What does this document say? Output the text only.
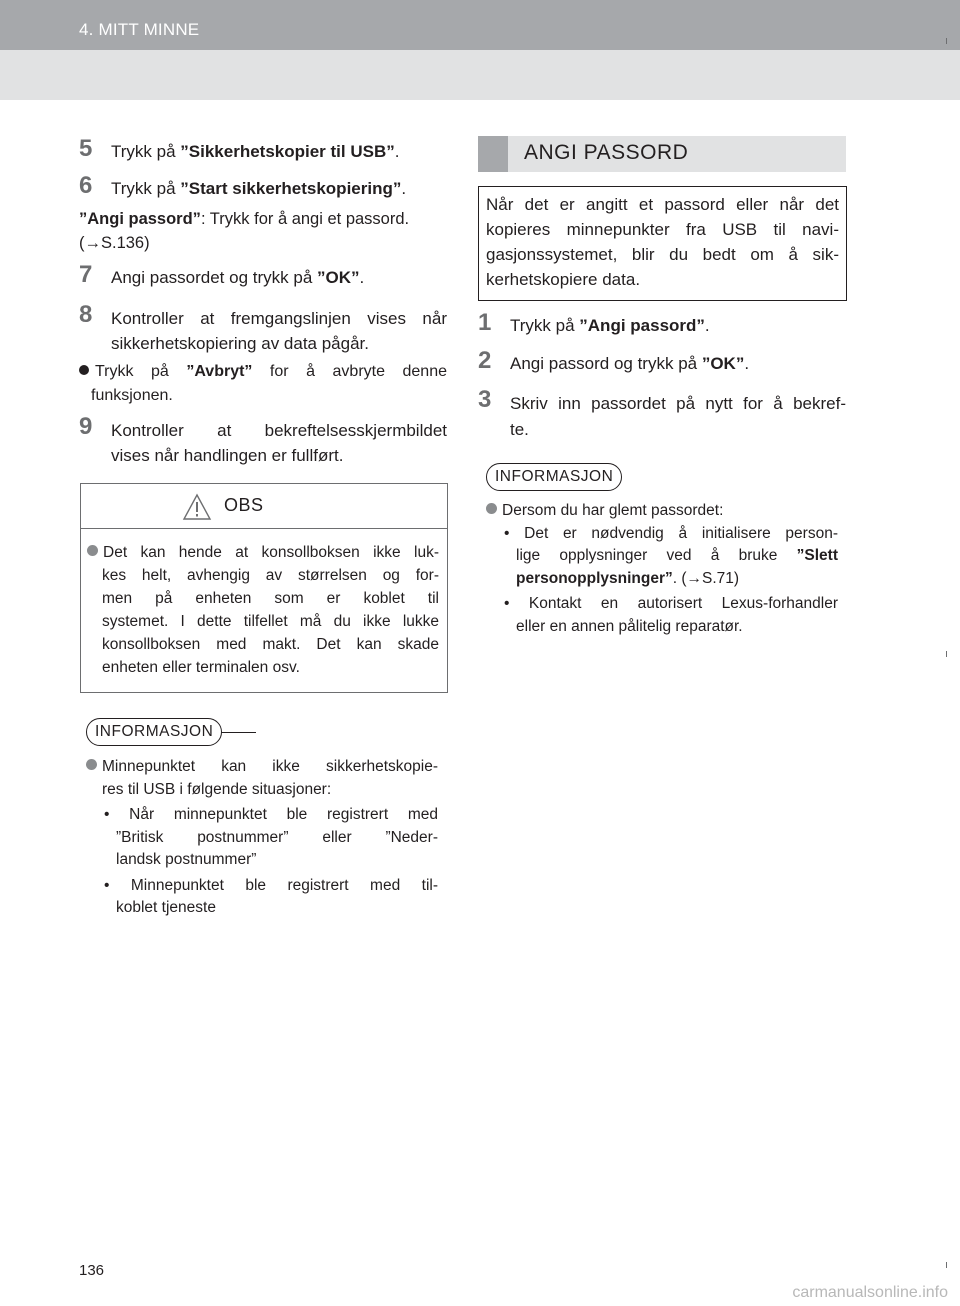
4. MITT MINNE
5 Trykk på ”Sikkerhetskopier til USB”.
6 Trykk på ”Start sikkerhetskopiering”.
”Angi passord”: Trykk for å angi et passord.
(→S.136)
7 Angi passordet og trykk på ”OK”.
8 Kontroller at fremgangslinjen vises når
sikkerhetskopiering av data pågår.
Trykk på ”Avbryt” for å avbryte denne
funksjonen.
9 Kontroller at bekreftelsesskjermbildet
vises når handlingen er fullført.
OBS
Det kan hende at konsollboksen ikke luk-
kes helt, avhengig av størrelsen og for-
men på enheten som er koblet til
systemet. I dette tilfellet må du ikke lukke
konsollboksen med makt. Det kan skade
enheten eller terminalen osv.
INFORMASJON
Minnepunktet kan ikke sikkerhetskopie-
res til USB i følgende situasjoner:
• Når minnepunktet ble registrert med
”Britisk postnummer” eller ”Neder-
landsk postnummer”
• Minnepunktet ble registrert med til-
koblet tjeneste
ANGI PASSORD
Når det er angitt et passord eller når det
kopieres minnepunkter fra USB til navi-
gasjonssystemet, blir du bedt om å sik-
kerhetskopiere data.
1 Trykk på ”Angi passord”.
2 Angi passord og trykk på ”OK”.
3 Skriv inn passordet på nytt for å bekref-
te.
INFORMASJON
Dersom du har glemt passordet:
• Det er nødvendig å initialisere person-
lige opplysninger ved å bruke ”Slett
personopplysninger”. (→S.71)
• Kontakt en autorisert Lexus-forhandler
eller en annen pålitelig reparatør.
136
carmanualsonline.info
